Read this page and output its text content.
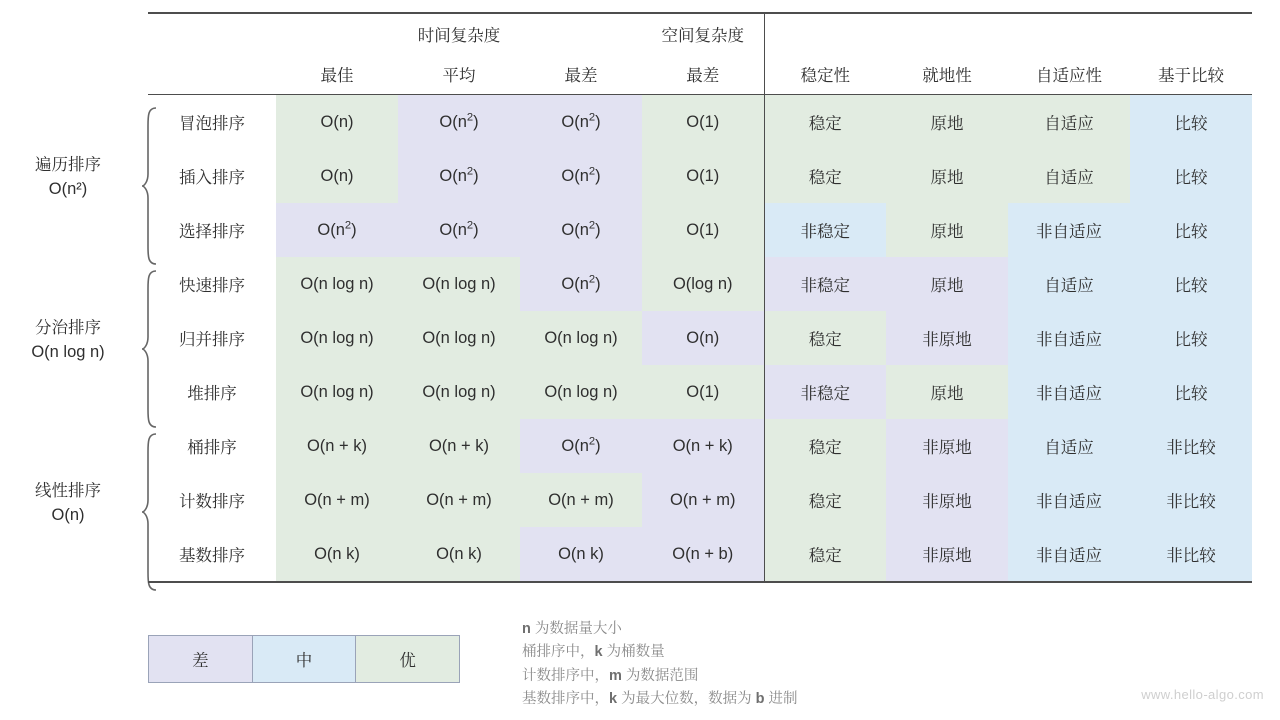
遍历排序
O(n²)
分治排序
O(n log n)
线性排序
O(n)
	时间复杂度			空间复杂度				
	最佳	平均	最差	最差	稳定性	就地性	自适应性	基于比较
冒泡排序	O(n)	$O(n^2)$	$O(n^2)$	O(1)	稳定	原地	自适应	比较
插入排序	O(n)	$O(n^2)$	$O(n^2)$	O(1)	稳定	原地	自适应	比较
选择排序	$O(n^2)$	$O(n^2)$	$O(n^2)$	O(1)	非稳定	原地	非自适应	比较
快速排序	O(n log n)	O(n log n)	$O(n^2)$	O(log n)	非稳定	原地	自适应	比较
归并排序	O(n log n)	O(n log n)	O(n log n)	O(n)	稳定	非原地	非自适应	比较
堆排序	O(n log n)	O(n log n)	O(n log n)	O(1)	非稳定	原地	非自适应	比较
桶排序	O(n + k)	O(n + k)	$O(n^2)$	O(n + k)	稳定	非原地	自适应	非比较
计数排序	O(n + m)	O(n + m)	O(n + m)	O(n + m)	稳定	非原地	非自适应	非比较
基数排序	O(n k)	O(n k)	O(n k)	O(n + b)	稳定	非原地	非自适应	非比较
差	中	优
n 为数据量大小
桶排序中，k 为桶数量
计数排序中，m 为数据范围
基数排序中，k 为最大位数，数据为 b 进制	www.hello-algo.com
